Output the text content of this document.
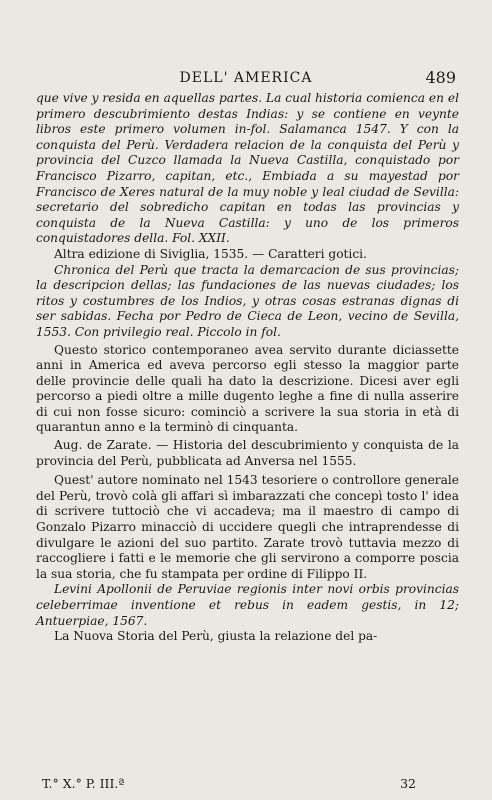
DELL' AMERICA	489

que vive y resida en aquellas partes. La cual historia comienca en el primero descubrimiento destas Indias: y se contiene en veynte libros este primero volumen in-fol. Salamanca 1547. Y con la conquista del Perù. Verdadera relacion de la conquista del Perù y provincia del Cuzco llamada la Nueva Castilla, conquistado por Francisco Pizarro, capitan, etc., Embiada a su mayestad por Francisco de Xeres natural de la muy noble y leal ciudad de Sevilla: secretario del sobredicho capitan en todas las provincias y conquista de la Nueva Castilla: y uno de los primeros conquistadores della. Fol. XXII.

Altra edizione di Siviglia, 1535. — Caratteri gotici.

Chronica del Perù que tracta la demarcacion de sus provincias; la descripcion dellas; las fundaciones de las nuevas ciudades; los ritos y costumbres de los Indios, y otras cosas estranas dignas di ser sabidas. Fecha por Pedro de Cieca de Leon, vecino de Sevilla, 1553. Con privilegio real. Piccolo in fol.

Questo storico contemporaneo avea servito durante diciassette anni in America ed aveva percorso egli stesso la maggior parte delle provincie delle quali ha dato la descrizione. Dicesi aver egli percorso a piedi oltre a mille dugento leghe a fine di nulla asserire di cui non fosse sicuro: cominciò a scrivere la sua storia in età di quarantun anno e la terminò di cinquanta.

Aug. de Zarate. — Historia del descubrimiento y conquista de la provincia del Perù, pubblicata ad Anversa nel 1555.

Quest' autore nominato nel 1543 tesoriere o controllore generale del Perù, trovò colà gli affari sì imbarazzati che concepì tosto l' idea di scrivere tuttociò che vi accadeva; ma il maestro di campo di Gonzalo Pizarro minacciò di uccidere quegli che intraprendesse di divulgare le azioni del suo partito. Zarate trovò tuttavia mezzo di raccogliere i fatti e le memorie che gli servirono a comporre poscia la sua storia, che fu stampata per ordine di Filippo II.

Levini Apollonii de Peruviae regionis inter novi orbis provincias celeberrimae inventione et rebus in eadem gestis, in 12; Antuerpiae, 1567.

La Nuova Storia del Perù, giusta la relazione del pa-

T.° X.° P. III.ª	32
